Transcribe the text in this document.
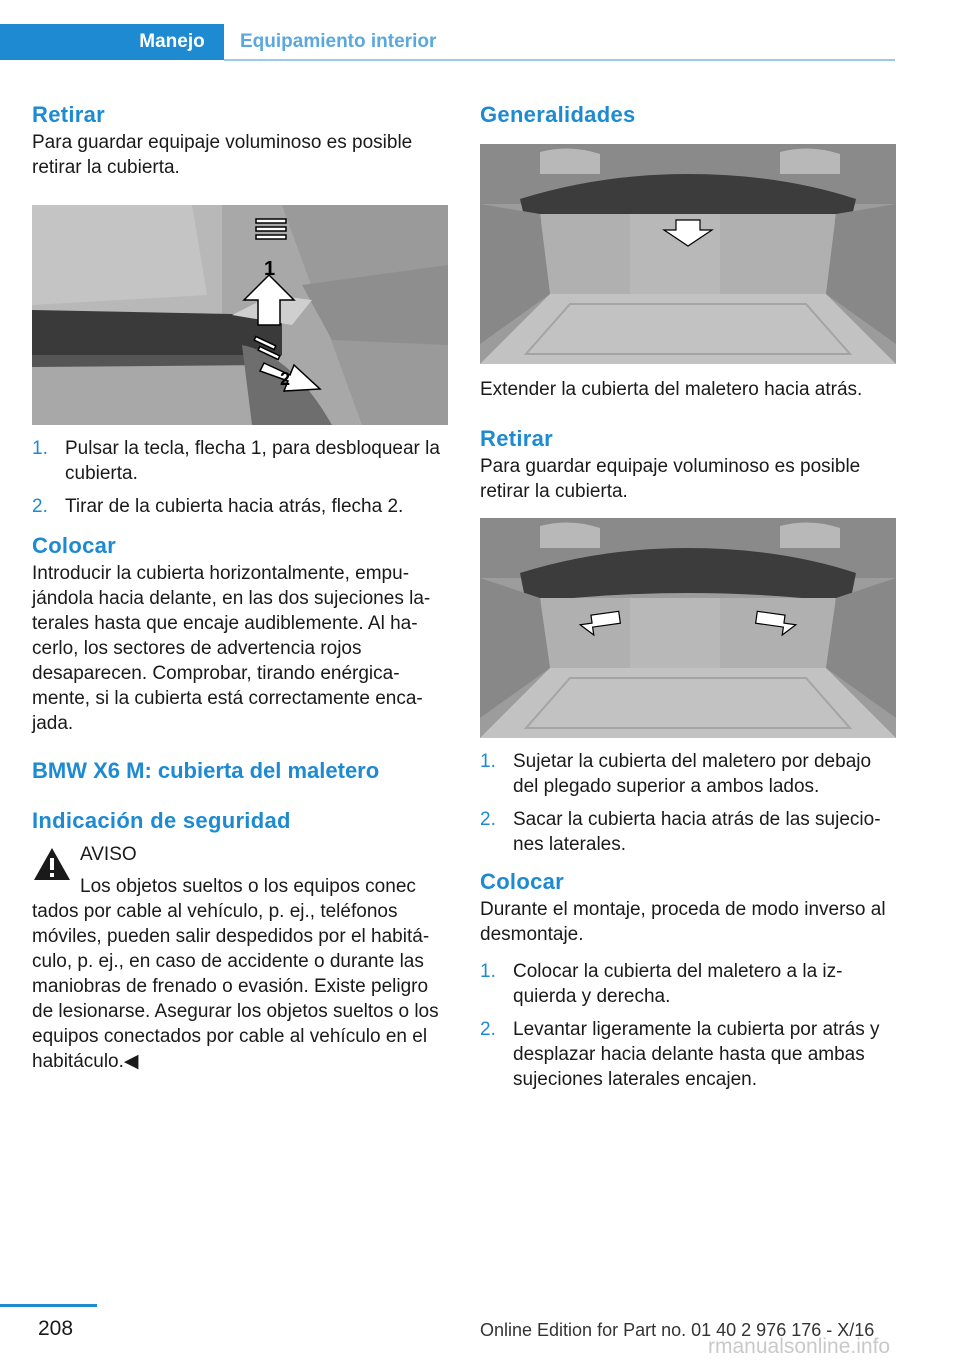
Manejo	Equipamiento interior
Retirar

Para guardar equipaje voluminoso es posible retirar la cubierta.

1
2
1. Pulsar la tecla, flecha 1, para desbloquear la cubierta.
2. Tirar de la cubierta hacia atrás, flecha 2.
Colocar

Introducir la cubierta horizontalmente, empujándola hacia delante, en las dos sujeciones laterales hasta que encaje audiblemente. Al hacerlo, los sectores de advertencia rojos desaparecen. Comprobar, tirando enérgicamente, si la cubierta está correctamente encajada.

BMW X6 M: cubierta del maletero
Indicación de seguridad
AVISO
Los objetos sueltos o los equipos conec

tados por cable al vehículo, p. ej., teléfonos móviles, pueden salir despedidos por el habitáculo, p. ej., en caso de accidente o durante las maniobras de frenado o evasión. Existe peligro de lesionarse. Asegurar los objetos sueltos o los equipos conectados por cable al vehículo en el habitáculo.◀

Generalidades

Extender la cubierta del maletero hacia atrás.

Retirar

Para guardar equipaje voluminoso es posible retirar la cubierta.

1. Sujetar la cubierta del maletero por debajo del plegado superior a ambos lados.
2. Sacar la cubierta hacia atrás de las sujeciones laterales.
Colocar

Durante el montaje, proceda de modo inverso al desmontaje.

1. Colocar la cubierta del maletero a la izquierda y derecha.
2. Levantar ligeramente la cubierta por atrás y desplazar hacia delante hasta que ambas sujeciones laterales encajen.
208	Online Edition for Part no. 01 40 2 976 176 - X/16
rmanualsonline.info
